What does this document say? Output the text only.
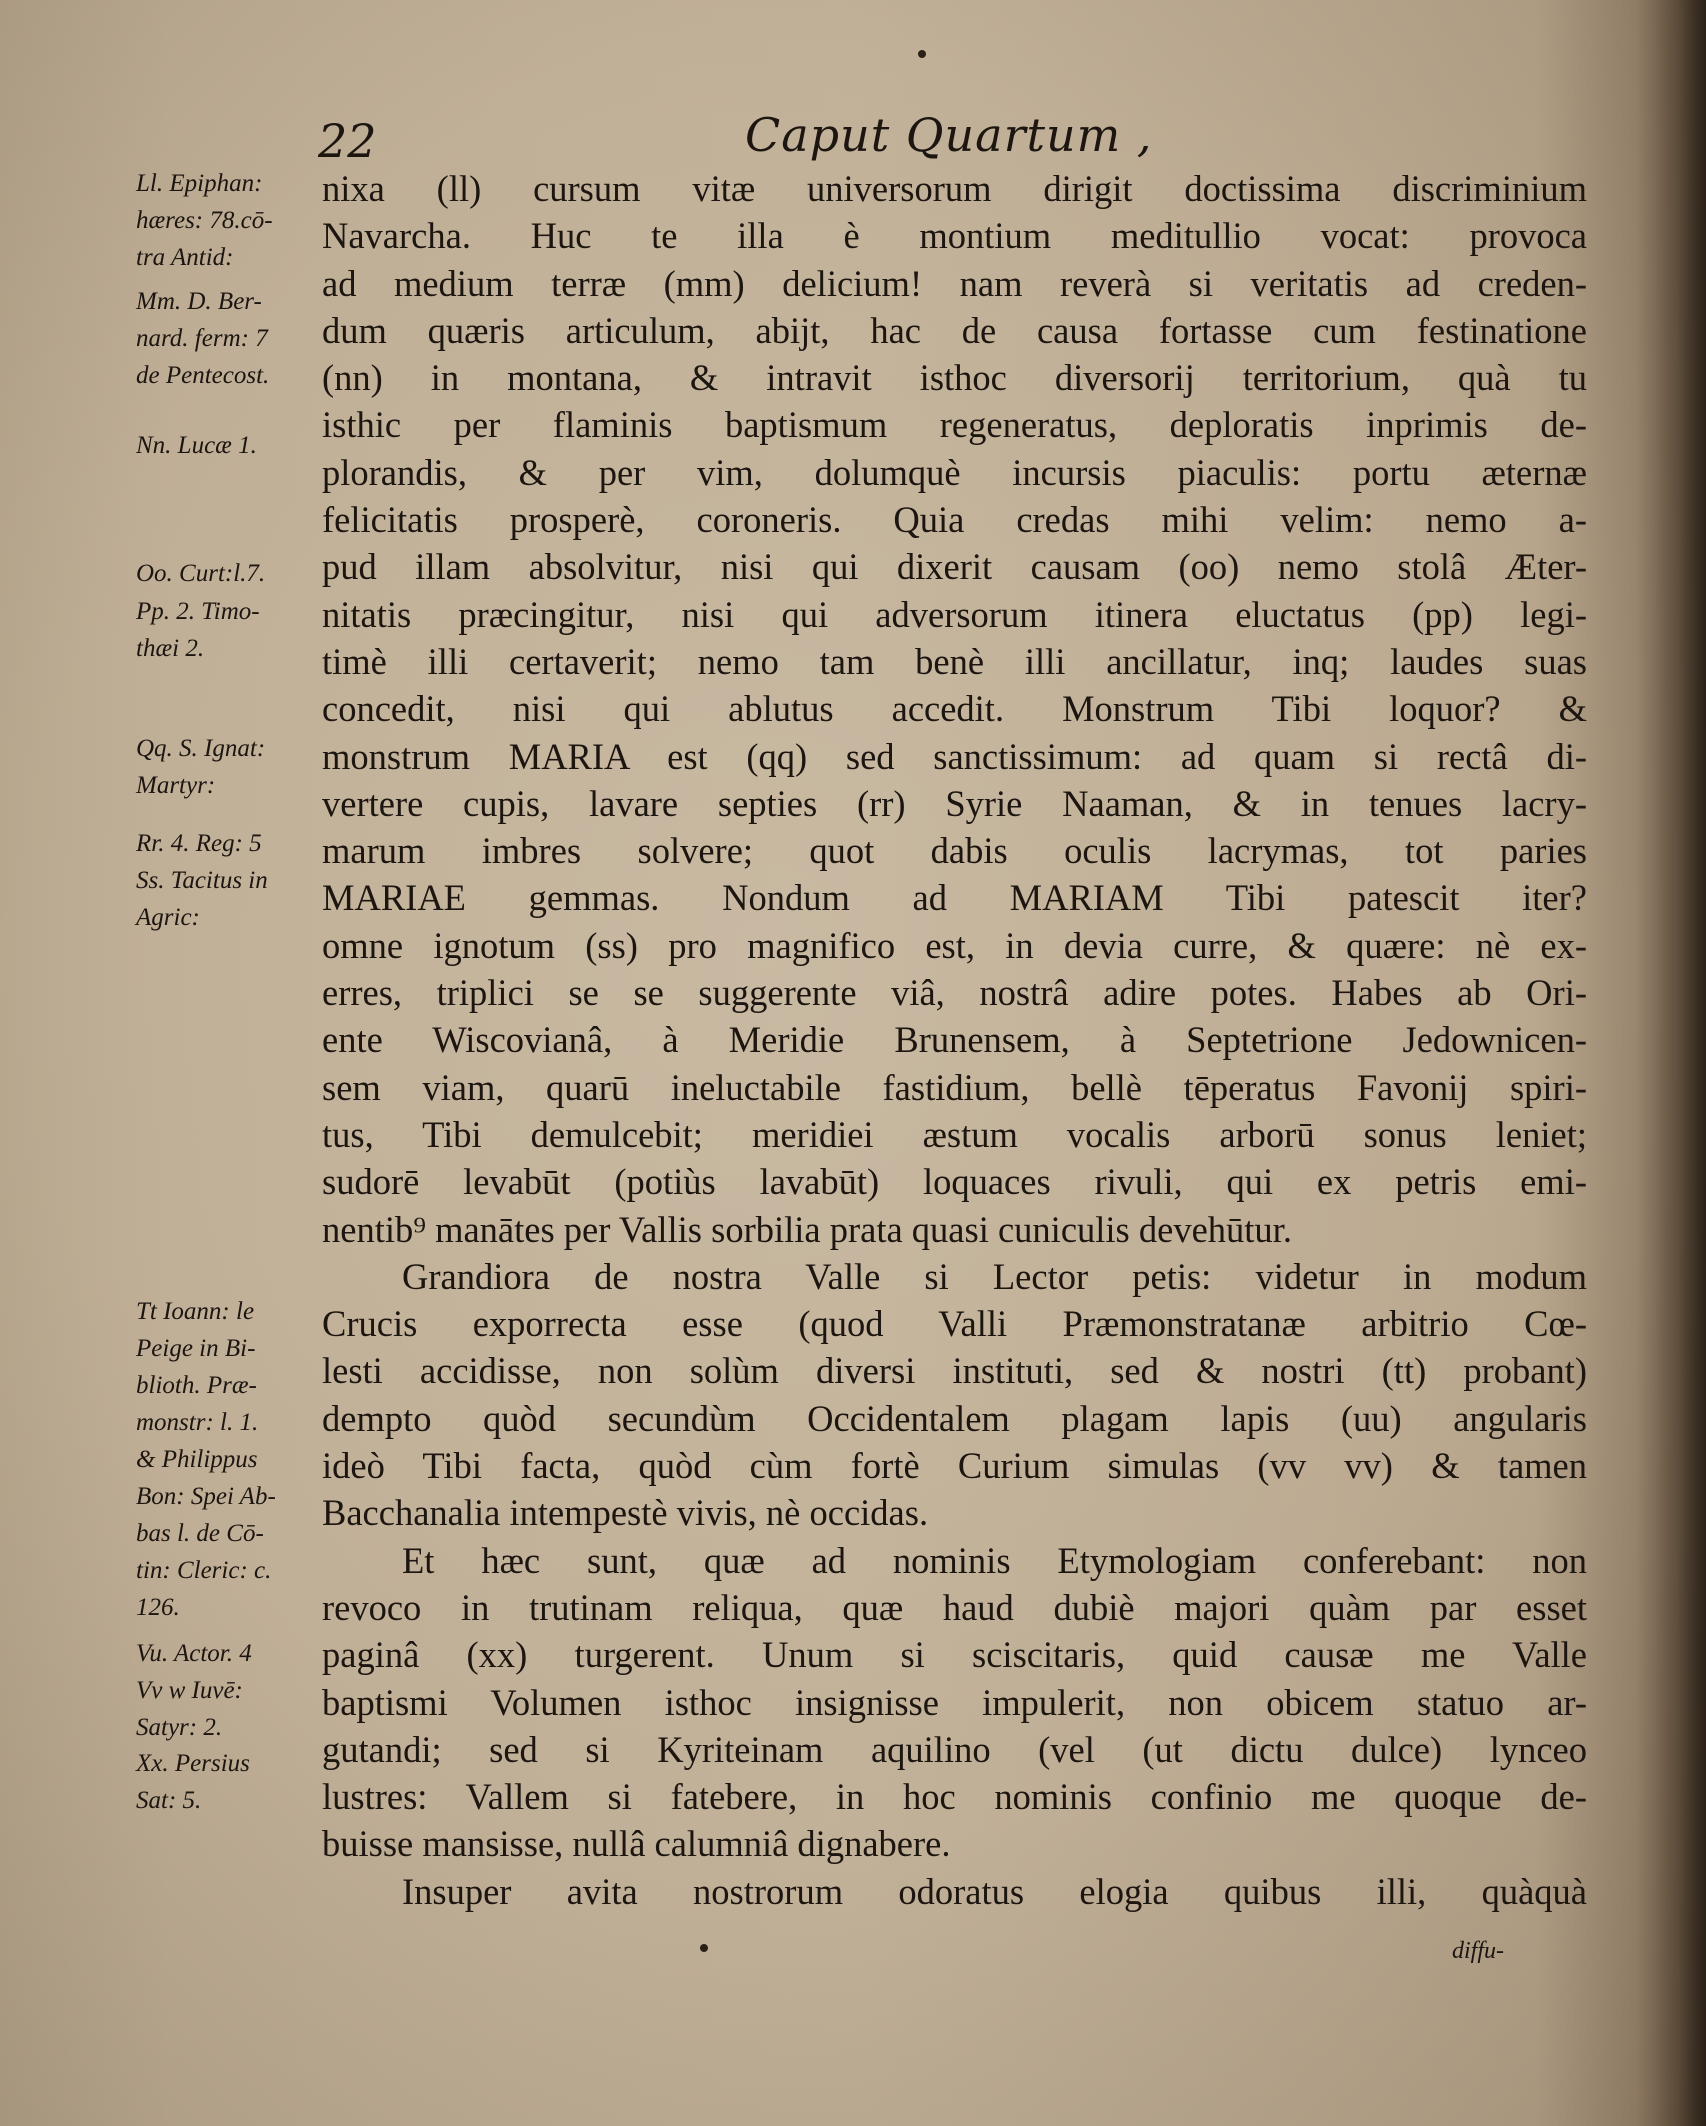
22	Caput Quartum ,
Ll. Epiphan:
hæres: 78.cō-
tra Antid:
Mm. D. Ber-
nard. ferm: 7
de Pentecost.
Nn. Lucæ 1.
Oo. Curt:l.7.
Pp. 2. Timo-
thæi 2.
Qq. S. Ignat:
Martyr:
Rr. 4. Reg: 5
Ss. Tacitus in
Agric:
Tt Ioann: le
Peige in Bi-
blioth. Præ-
monstr: l. 1.
& Philippus
Bon: Spei Ab-
bas l. de Cō-
tin: Cleric: c.
126.
Vu. Actor. 4
Vv w Iuvē:
Satyr: 2.
Xx. Persius
Sat: 5.
nixa (ll) cursum vitæ universorum dirigit doctissima discriminium
Navarcha. Huc te illa è montium meditullio vocat: provoca
ad medium terræ (mm) delicium! nam reverà si veritatis ad creden-
dum quæris articulum, abijt, hac de causa fortasse cum festinatione
(nn) in montana, & intravit isthoc diversorij territorium, quà tu
isthic per flaminis baptismum regeneratus, deploratis inprimis de-
plorandis, & per vim, dolumquè incursis piaculis: portu æternæ
felicitatis prosperè, coroneris. Quia credas mihi velim: nemo a-
pud illam absolvitur, nisi qui dixerit causam (oo) nemo stolâ Æter-
nitatis præcingitur, nisi qui adversorum itinera eluctatus (pp) legi-
timè illi certaverit; nemo tam benè illi ancillatur, inq; laudes suas
concedit, nisi qui ablutus accedit. Monstrum Tibi loquor? &
monstrum MARIA est (qq) sed sanctissimum: ad quam si rectâ di-
vertere cupis, lavare septies (rr) Syrie Naaman, & in tenues lacry-
marum imbres solvere; quot dabis oculis lacrymas, tot paries
MARIAE gemmas. Nondum ad MARIAM Tibi patescit iter?
omne ignotum (ss) pro magnifico est, in devia curre, & quære: nè ex-
erres, triplici se se suggerente viâ, nostrâ adire potes. Habes ab Ori-
ente Wiscovianâ, à Meridie Brunensem, à Septetrione Jedownicen-
sem viam, quarū ineluctabile fastidium, bellè tēperatus Favonij spiri-
tus, Tibi demulcebit; meridiei æstum vocalis arborū sonus leniet;
sudorē levabūt (potiùs lavabūt) loquaces rivuli, qui ex petris emi-
nentib⁹ manātes per Vallis sorbilia prata quasi cuniculis devehūtur.
Grandiora de nostra Valle si Lector petis: videtur in modum
Crucis exporrecta esse (quod Valli Præmonstratanæ arbitrio Cœ-
lesti accidisse, non solùm diversi instituti, sed & nostri (tt) probant)
dempto quòd secundùm Occidentalem plagam lapis (uu) angularis
ideò Tibi facta, quòd cùm fortè Curium simulas (vv vv) & tamen
Bacchanalia intempestè vivis, nè occidas.
Et hæc sunt, quæ ad nominis Etymologiam conferebant: non
revoco in trutinam reliqua, quæ haud dubiè majori quàm par esset
paginâ (xx) turgerent. Unum si sciscitaris, quid causæ me Valle
baptismi Volumen isthoc insignisse impulerit, non obicem statuo ar-
gutandi; sed si Kyriteinam aquilino (vel (ut dictu dulce) lynceo
lustres: Vallem si fatebere, in hoc nominis confinio me quoque de-
buisse mansisse, nullâ calumniâ dignabere.
Insuper avita nostrorum odoratus elogia quibus illi, quàquà
diffu-
